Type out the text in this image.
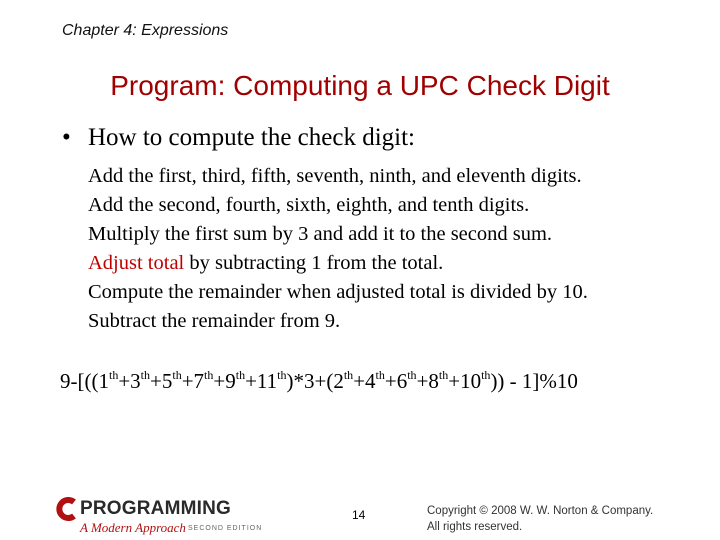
Chapter 4: Expressions
Program: Computing a UPC Check Digit
• How to compute the check digit:
Add the first, third, fifth, seventh, ninth, and eleventh digits.
Add the second, fourth, sixth, eighth, and tenth digits.
Multiply the first sum by 3 and add it to the second sum.
Adjust total by subtracting 1 from the total.
Compute the remainder when adjusted total is divided by 10.
Subtract the remainder from 9.
9-[((1th+3th+5th+7th+9th+11th)*3+(2th+4th+6th+8th+10th)) - 1]%10
PROGRAMMING
A Modern Approach SECOND EDITION
14	Copyright © 2008 W. W. Norton & Company.
All rights reserved.
